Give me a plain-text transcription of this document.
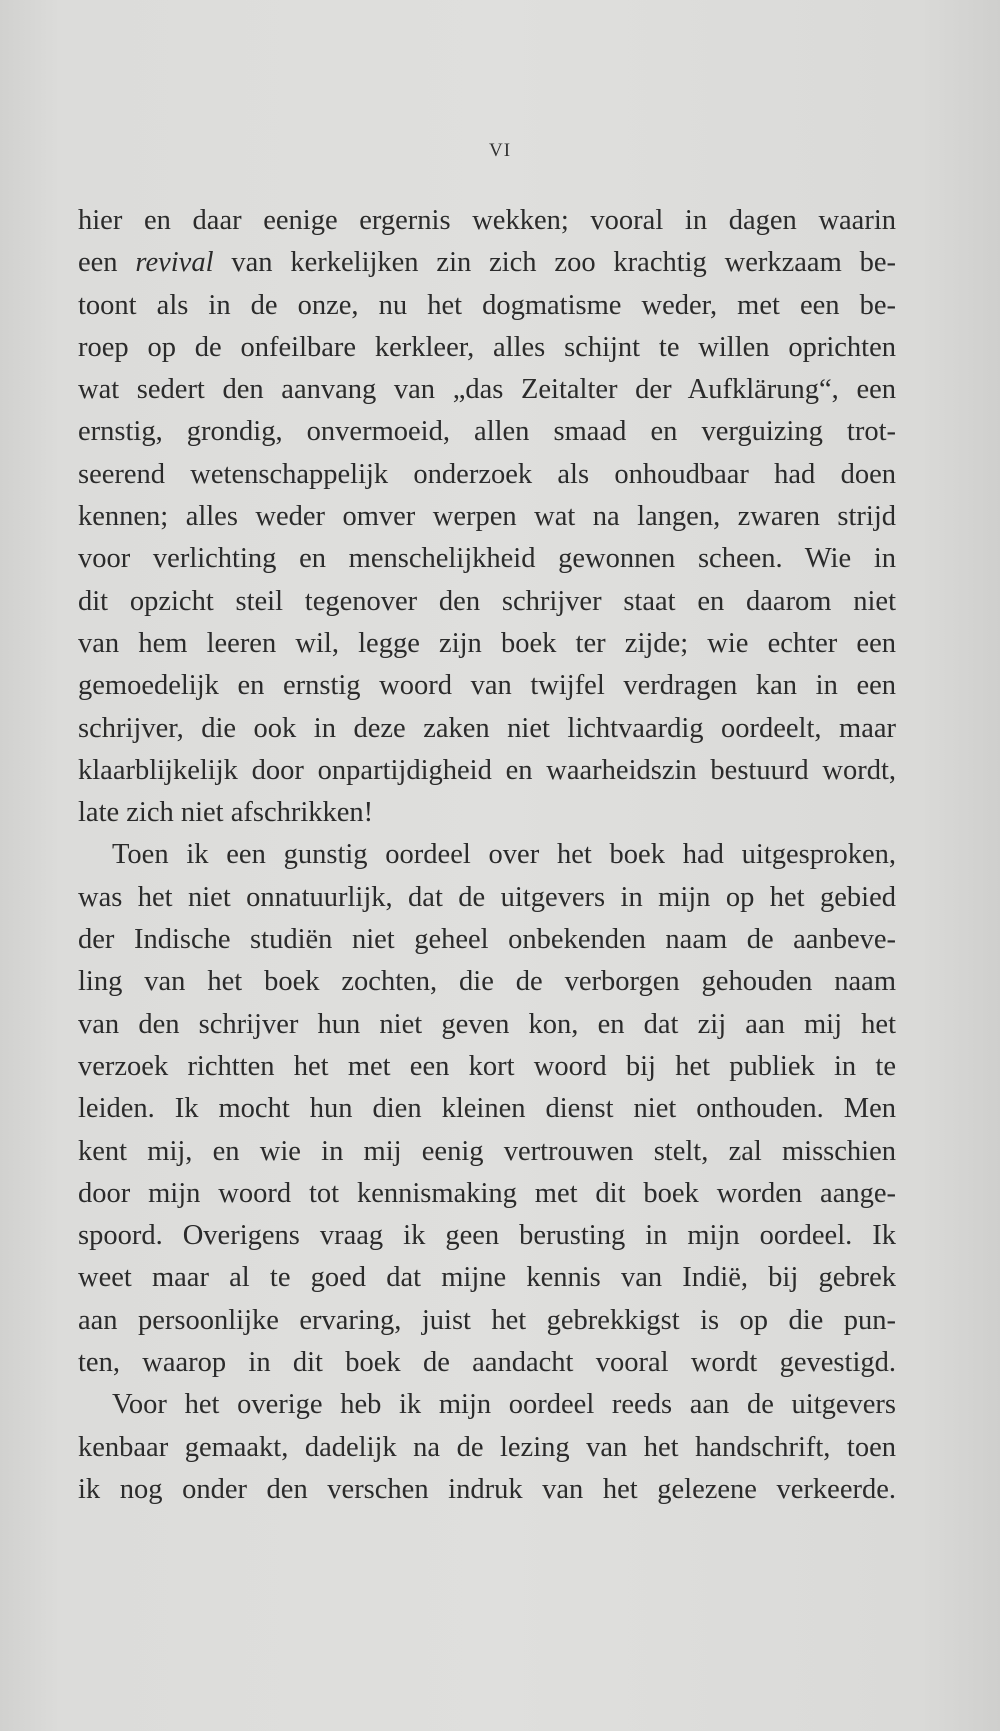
VI
hier en daar eenige ergernis wekken; vooral in dagen waarin
een revival van kerkelijken zin zich zoo krachtig werkzaam be-
toont als in de onze, nu het dogmatisme weder, met een be-
roep op de onfeilbare kerkleer, alles schijnt te willen oprichten
wat sedert den aanvang van „das Zeitalter der Aufklärung“, een
ernstig, grondig, onvermoeid, allen smaad en verguizing trot-
seerend wetenschappelijk onderzoek als onhoudbaar had doen
kennen; alles weder omver werpen wat na langen, zwaren strijd
voor verlichting en menschelijkheid gewonnen scheen. Wie in
dit opzicht steil tegenover den schrijver staat en daarom niet
van hem leeren wil, legge zijn boek ter zijde; wie echter een
gemoedelijk en ernstig woord van twijfel verdragen kan in een
schrijver, die ook in deze zaken niet lichtvaardig oordeelt, maar
klaarblijkelijk door onpartijdigheid en waarheidszin bestuurd wordt,
late zich niet afschrikken!
Toen ik een gunstig oordeel over het boek had uitgesproken,
was het niet onnatuurlijk, dat de uitgevers in mijn op het gebied
der Indische studiën niet geheel onbekenden naam de aanbeve-
ling van het boek zochten, die de verborgen gehouden naam
van den schrijver hun niet geven kon, en dat zij aan mij het
verzoek richtten het met een kort woord bij het publiek in te
leiden. Ik mocht hun dien kleinen dienst niet onthouden. Men
kent mij, en wie in mij eenig vertrouwen stelt, zal misschien
door mijn woord tot kennismaking met dit boek worden aange-
spoord. Overigens vraag ik geen berusting in mijn oordeel. Ik
weet maar al te goed dat mijne kennis van Indië, bij gebrek
aan persoonlijke ervaring, juist het gebrekkigst is op die pun-
ten, waarop in dit boek de aandacht vooral wordt gevestigd.
Voor het overige heb ik mijn oordeel reeds aan de uitgevers
kenbaar gemaakt, dadelijk na de lezing van het handschrift, toen
ik nog onder den verschen indruk van het gelezene verkeerde.
